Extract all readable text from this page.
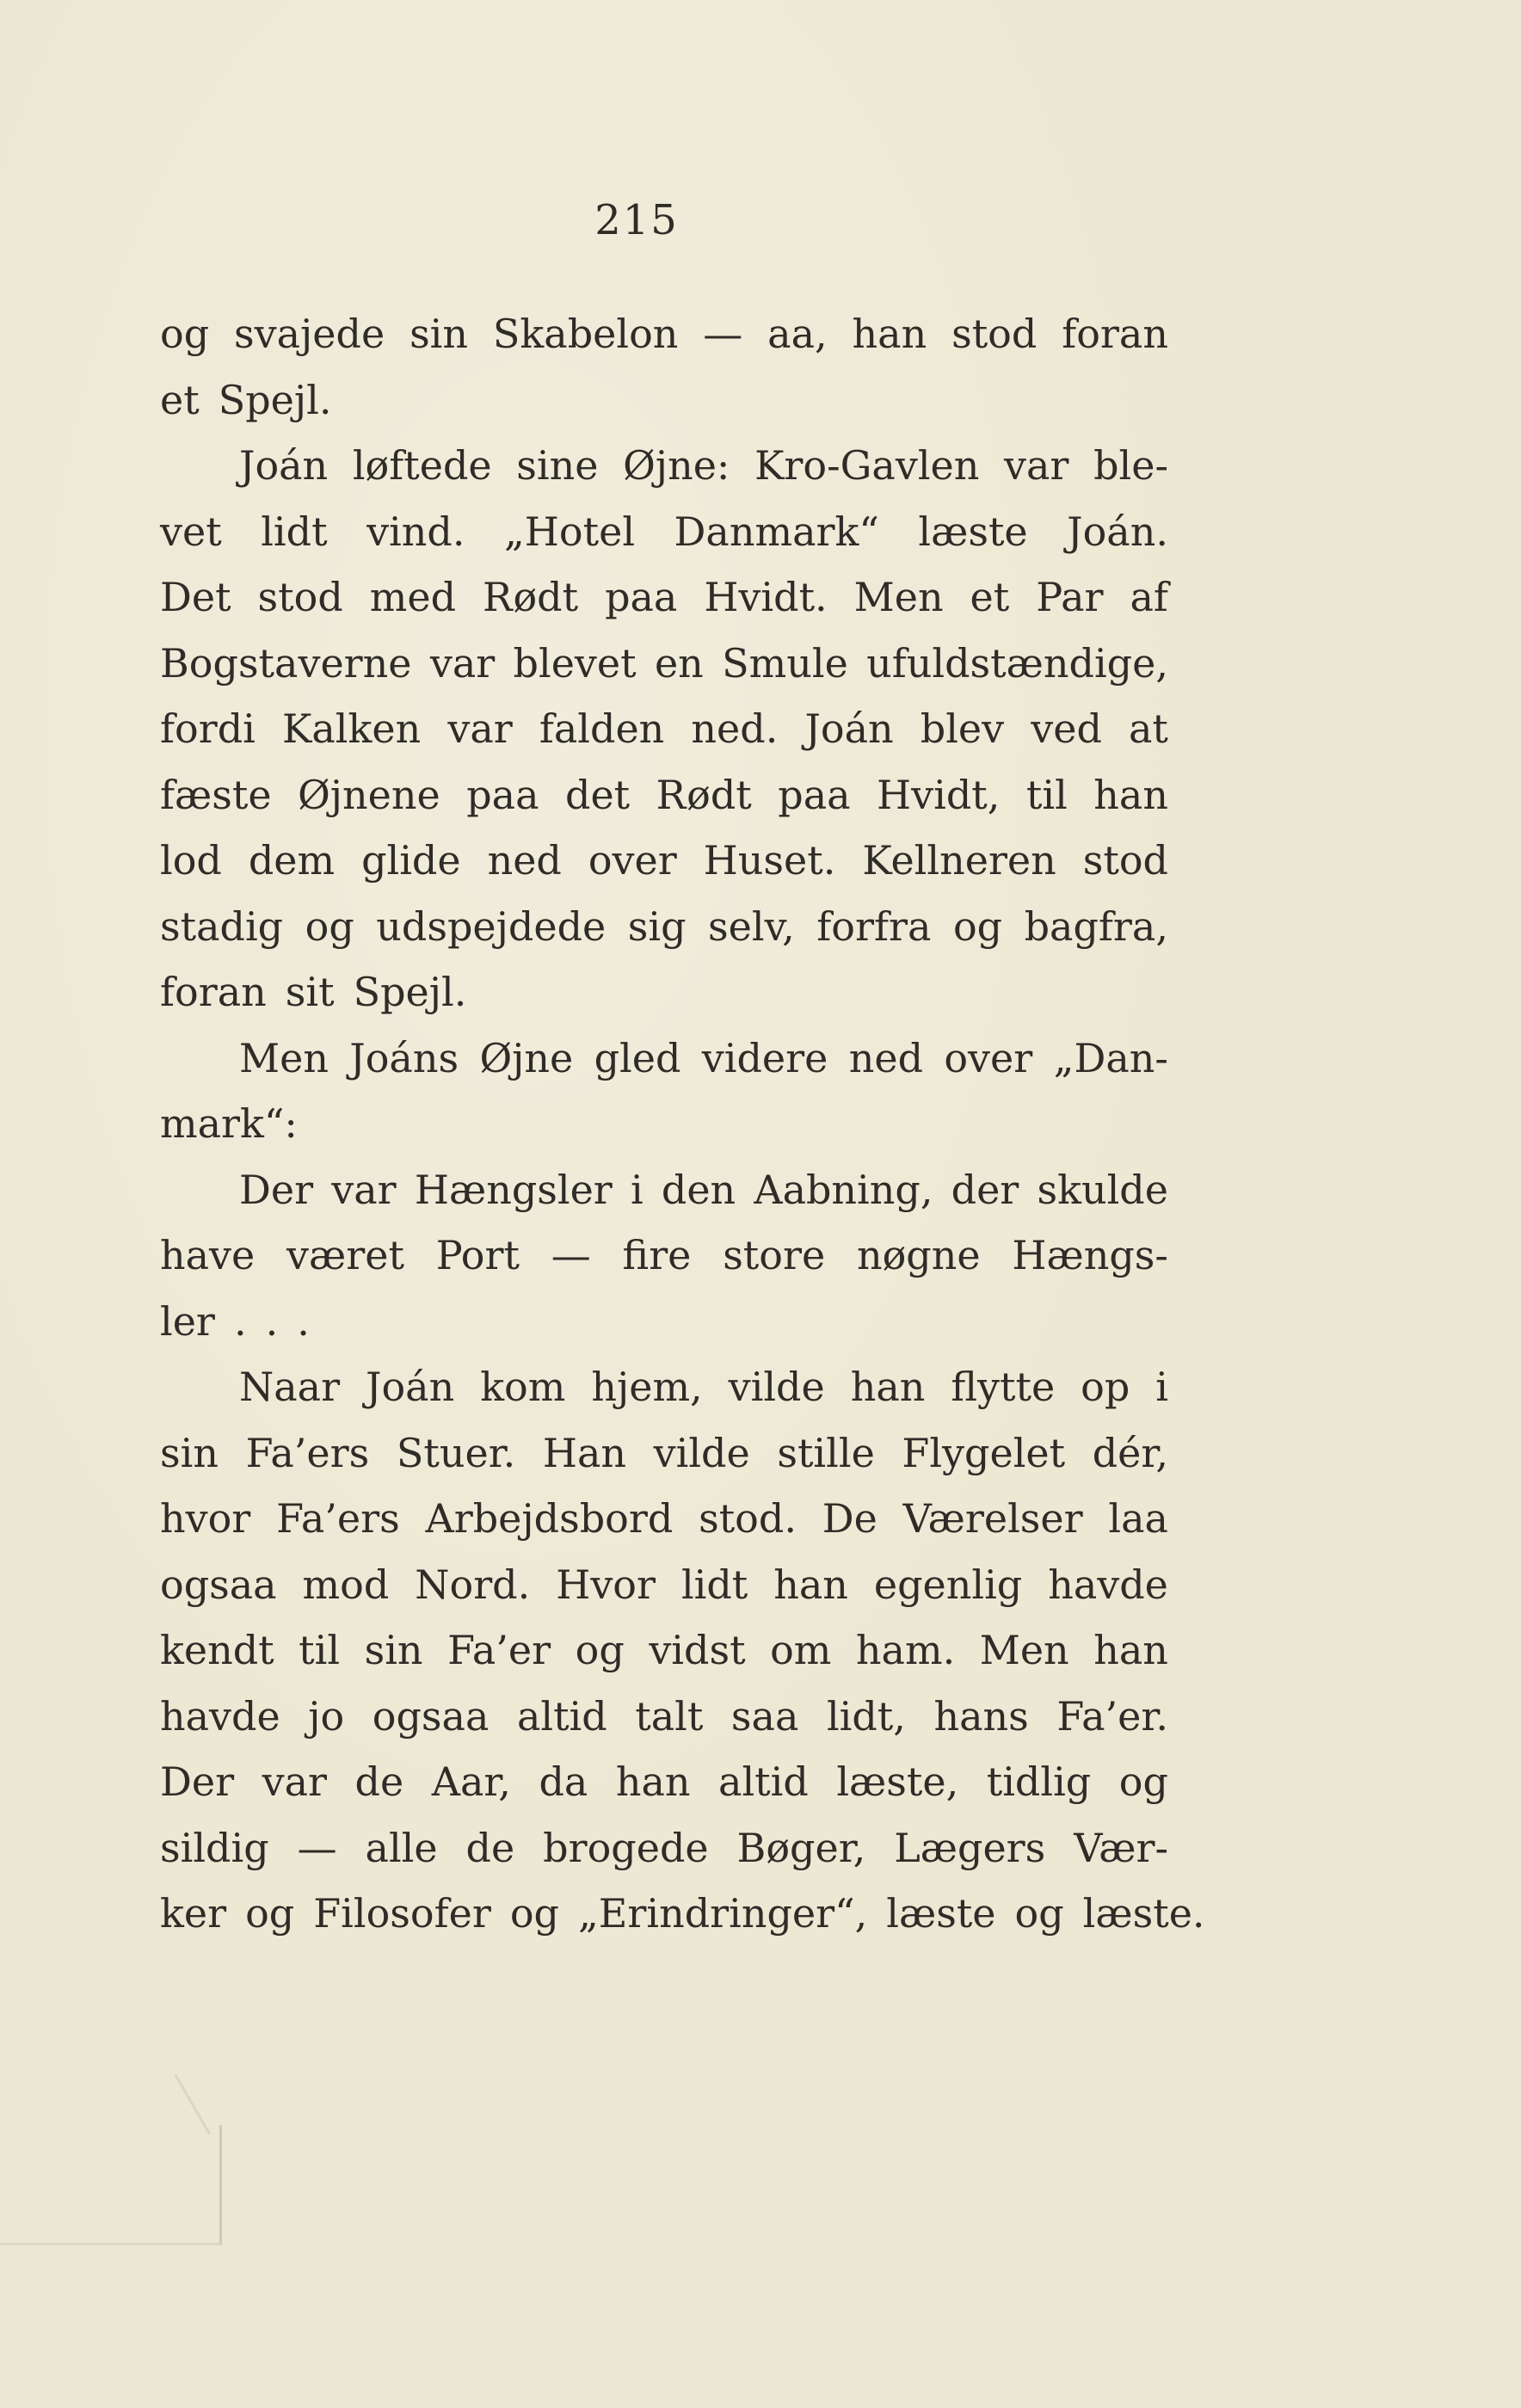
215
og svajede sin Skabelon — aa, han stod foran
et Spejl.
Joán løftede sine Øjne: Kro-Gavlen var ble-
vet lidt vind. „Hotel Danmark“ læste Joán.
Det stod med Rødt paa Hvidt. Men et Par af
Bogstaverne var blevet en Smule ufuldstændige,
fordi Kalken var falden ned. Joán blev ved at
fæste Øjnene paa det Rødt paa Hvidt, til han
lod dem glide ned over Huset. Kellneren stod
stadig og udspejdede sig selv, forfra og bagfra,
foran sit Spejl.
Men Joáns Øjne gled videre ned over „Dan-
mark“:
Der var Hængsler i den Aabning, der skulde
have været Port — fire store nøgne Hængs-
ler . . .
Naar Joán kom hjem, vilde han flytte op i
sin Fa’ers Stuer. Han vilde stille Flygelet dér,
hvor Fa’ers Arbejdsbord stod. De Værelser laa
ogsaa mod Nord. Hvor lidt han egenlig havde
kendt til sin Fa’er og vidst om ham. Men han
havde jo ogsaa altid talt saa lidt, hans Fa’er.
Der var de Aar, da han altid læste, tidlig og
sildig — alle de brogede Bøger, Lægers Vær-
ker og Filosofer og „Erindringer“, læste og læste.
